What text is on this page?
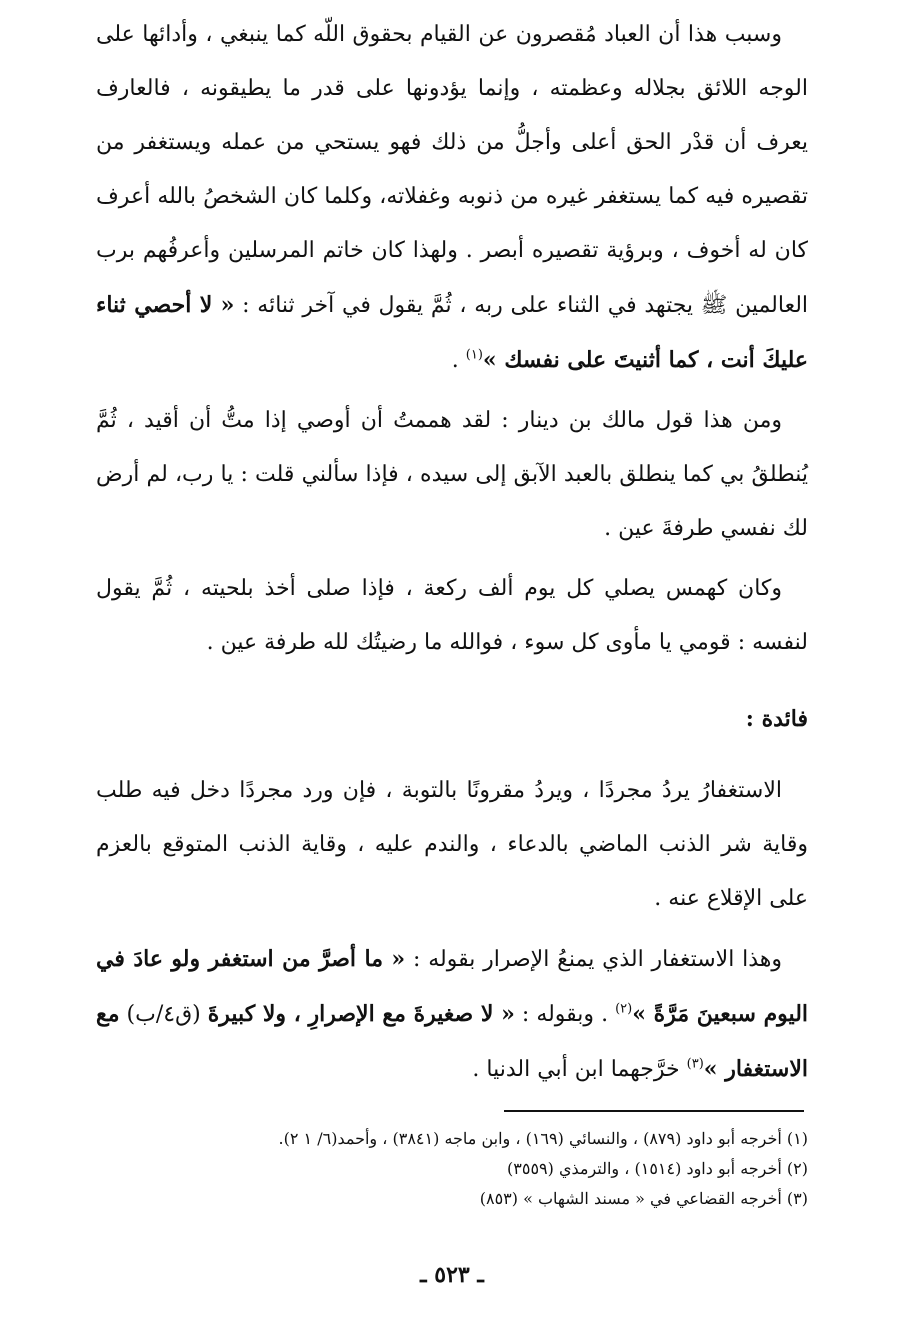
وسبب هذا أن العباد مُقصرون عن القيام بحقوق اللّه كما ينبغي ، وأدائها على الوجه اللائق بجلاله وعظمته ، وإنما يؤدونها على قدر ما يطيقونه ، فالعارف يعرف أن قدْر الحق أعلى وأجلُّ من ذلك فهو يستحي من عمله ويستغفر من تقصيره فيه كما يستغفر غيره من ذنوبه وغفلاته، وكلما كان الشخصُ بالله أعرف كان له أخوف ، وبرؤية تقصيره أبصر . ولهذا كان خاتم المرسلين وأعرفُهم برب العالمين ﷺ يجتهد في الثناء على ربه ، ثُمَّ يقول في آخر ثنائه : « لا أحصي ثناء عليكَ أنت ، كما أثنيتَ على نفسك »$^{(١)}$ .

ومن هذا قول مالك بن دينار : لقد هممتُ أن أوصي إذا متُّ أن أقيد ، ثُمَّ يُنطلقُ بي كما ينطلق بالعبد الآبق إلى سيده ، فإذا سألني قلت : يا رب، لم أرض لك نفسي طرفةَ عين .

وكان كهمس يصلي كل يوم ألف ركعة ، فإذا صلى أخذ بلحيته ، ثُمَّ يقول لنفسه : قومي يا مأوى كل سوء ، فوالله ما رضيتُك لله طرفة عين .

فائدة :

الاستغفارُ يردُ مجردًا ، ويردُ مقرونًا بالتوبة ، فإن ورد مجردًا دخل فيه طلب وقاية شر الذنب الماضي بالدعاء ، والندم عليه ، وقاية الذنب المتوقع بالعزم على الإقلاع عنه .

وهذا الاستغفار الذي يمنعُ الإصرار بقوله : « ما أصرَّ من استغفر ولو عادَ في اليوم سبعينَ مَرَّةً »$^{(٢)}$ . وبقوله : « لا صغيرةَ مع الإصرارِ ، ولا كبيرةَ (ق٤/ب) مع الاستغفار »$^{(٣)}$ خرَّجهما ابن أبي الدنيا .

(١) أخرجه أبو داود (٨٧٩) ، والنسائي (١٦٩) ، وابن ماجه (٣٨٤١) ، وأحمد(٦/ ١ ٢).

(٢) أخرجه أبو داود (١٥١٤) ، والترمذي (٣٥٥٩)

(٣) أخرجه القضاعي في « مسند الشهاب » (٨٥٣)

ـ ٥٢٣ ـ
